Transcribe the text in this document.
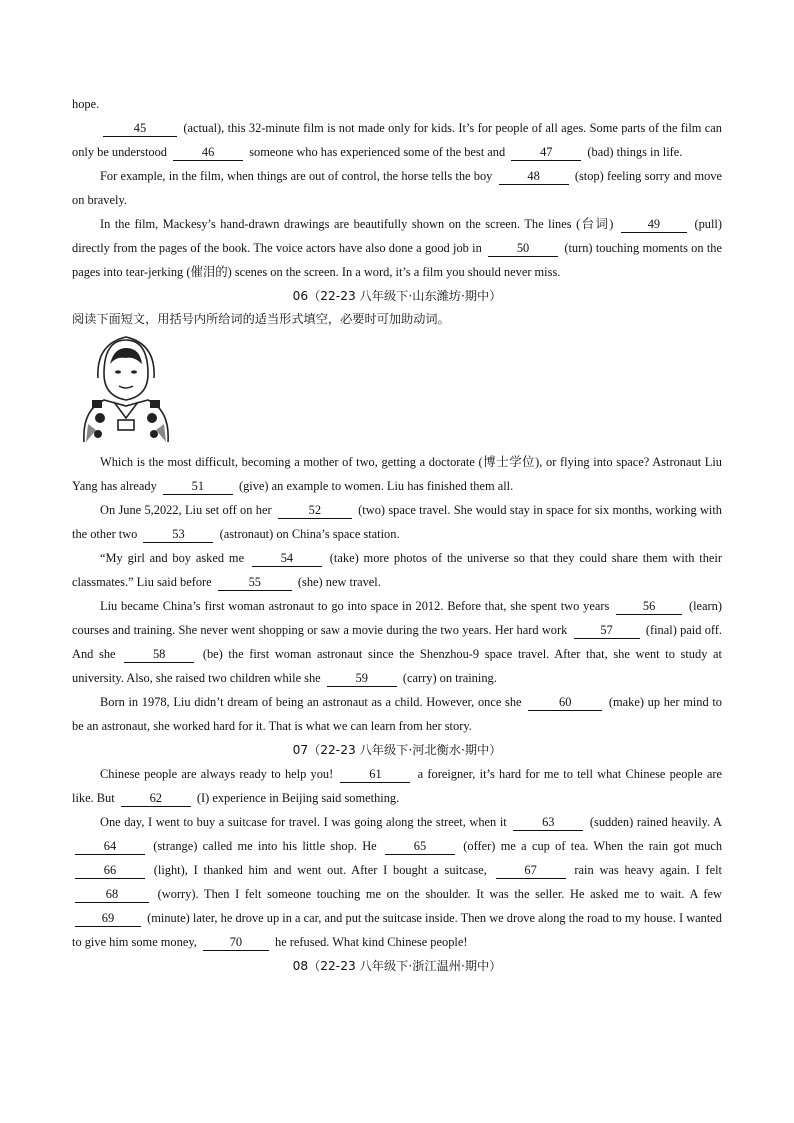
hope.

45	(actual), this 32-minute film is not made only for kids. It’s for people of all ages. Some parts of the film can only be understood	46	someone who has experienced some of the best and	47	(bad) things in life.

For example, in the film, when things are out of control, the horse tells the boy	48	(stop) feeling sorry and move on bravely.

In the film, Mackesy’s hand-drawn drawings are beautifully shown on the screen. The lines (台词) 49 (pull) directly from the pages of the book. The voice actors have also done a good job in	50	(turn) touching moments on the pages into tear-jerking (催泪的) scenes on the screen. In a word, it’s a film you should never miss.

06（22-23 八年级下·山东潍坊·期中）

阅读下面短文，用括号内所给词的适当形式填空，必要时可加助动词。

Which is the most difficult, becoming a mother of two, getting a doctorate (博士学位), or flying into space? Astronaut Liu Yang has already	51	(give) an example to women. Liu has finished them all.

On June 5,2022, Liu set off on her	52	(two) space travel. She would stay in space for six months, working with the other two	53	(astronaut) on China’s space station.

“My girl and boy asked me	54	(take) more photos of the universe so that they could share them with their classmates.” Liu said before	55	(she) new travel.

Liu became China’s first woman astronaut to go into space in 2012. Before that, she spent two years 56 (learn) courses and training. She never went shopping or saw a movie during the two years. Her hard work 57 (final) paid off. And she	58	(be) the first woman astronaut since the Shenzhou-9 space travel. After that, she went to study at university. Also, she raised two children while she	59	(carry) on training.

Born in 1978, Liu didn’t dream of being an astronaut as a child. However, once she	60	(make) up her mind to be an astronaut, she worked hard for it. That is what we can learn from her story.

07（22-23 八年级下·河北衡水·期中）

Chinese people are always ready to help you!	61	a foreigner, it’s hard for me to tell what Chinese people are like. But	62	(I) experience in Beijing said something.

One day, I went to buy a suitcase for travel. I was going along the street, when it	63	(sudden) rained heavily. A 64	(strange) called me into his little shop. He	65	(offer) me a cup of tea. When the rain got much 66	(light), I thanked him and went out. After I bought a suitcase,	67	rain was heavy again. I felt 68	(worry). Then I felt someone touching me on the shoulder. It was the seller. He asked me to wait. A few 69 (minute) later, he drove up in a car, and put the suitcase inside. Then we drove along the road to my house. I wanted to give him some money, 70 he refused. What kind Chinese people!

08（22-23 八年级下·浙江温州·期中）
